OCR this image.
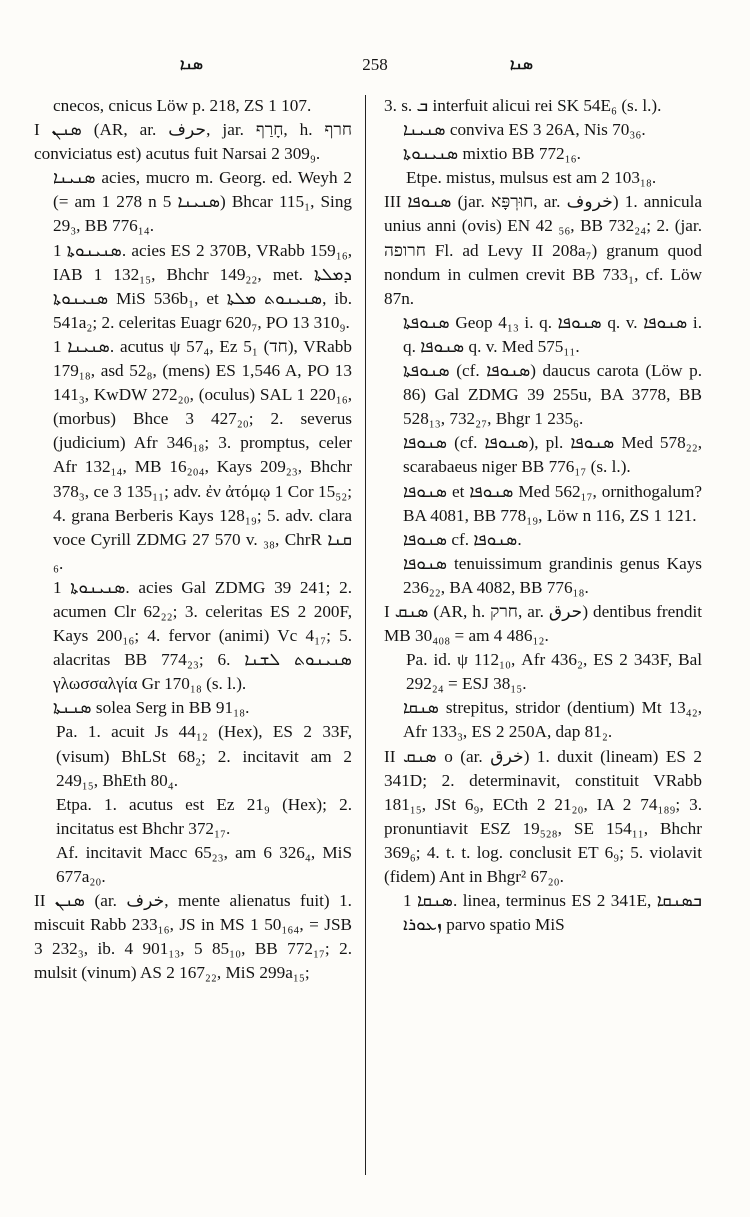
ܣܢܐ	258	ܣܢܐ

cnecos, cnicus Löw p. 218, ZS 1 107.

I ܣܢܢ (AR, ar. حرف, jar. חָרַף, h. חרף conviciatus est) acutus fuit Narsai 2 309₉.

ܣܢܝܢܐ acies, mucro m. Georg. ed. Weyh 2 (= am 1 278 n 5 ܣܢܝܢܐ) Bhcar 115₁, Sing 29₃, BB 776₁₄.

ܣܢܝܢܘܬܐ 1. acies ES 2 370B, VRabb 159₁₆, IAB 1 132₁₅, Bhchr 149₂₂, met. ܕܡܠܬܐ ܣܢܝܢܘܬܐ MiS 536b₁, et ܣܢܝܢܘܬ ܡܠܬܐ, ib. 541a₂; 2. celeritas Euagr 620₇, PO 13 310₉.

ܣܢܝܢܐ 1. acutus ψ 57₄, Ez 5₁ (חד), VRabb 179₁₈, asd 52₈, (mens) ES 1,546 A, PO 13 141₃, KwDW 272₂₀, (oculus) SAL 1 220₁₆, (morbus) Bhce 3 427₂₀; 2. severus (judicium) Afr 346₁₈; 3. promptus, celer Afr 132₁₄, MB 16₂₀₄, Kays 209₂₃, Bhchr 378₃, ce 3 135₁₁; adv. ἐν ἀτόμῳ 1 Cor 15₅₂; 4. grana Berberis Kays 128₁₉; 5. adv. clara voce Cyrill ZDMG 27 570 v. ₃₈, ChrR ܩܢܐ ₆.

ܣܢܝܢܘܬܐ 1. acies Gal ZDMG 39 241; 2. acumen Clr 62₂₂; 3. celeritas ES 2 200F, Kays 200₁₆; 4. fervor (animi) Vc 4₁₇; 5. alacritas BB 774₂₃; 6. ܣܢܝܢܘܬ ܠܫܢܐ γλωσσαλγία Gr 170₁₈ (s. l.).

ܣܢܢܬܐ solea Serg in BB 91₁₈.

Pa. 1. acuit Js 44₁₂ (Hex), ES 2 33F, (visum) BhLSt 68₂; 2. incitavit am 2 249₁₅, BhEth 80₄.

Etpa. 1. acutus est Ez 21₉ (Hex); 2. incitatus est Bhchr 372₁₇.

Af. incitavit Macc 65₂₃, am 6 326₄, MiS 677a₂₀.

II ܣܢܢ (ar. خرف, mente alienatus fuit) 1. miscuit Rabb 233₁₆, JS in MS 1 50₁₆₄, = JSB 3 232₃, ib. 4 901₁₃, 5 85₁₀, BB 772₁₇; 2. mulsit (vinum) AS 2 167₂₂, MiS 299a₁₅;

3. s. ܒ interfuit alicui rei SK 54E₆ (s. l.).

ܣܢܝܢܐ conviva ES 3 26A, Nis 70₃₆.

ܣܢܝܢܘܬܐ mixtio BB 772₁₆.

Etpe. mistus, mulsus est am 2 103₁₈.

III ܣܢܘܦܐ (jar. חוּרְפָּא, ar. خروف) 1. annicula unius anni (ovis) EN 42 ₅₆, BB 732₂₄; 2. (jar. חרופה Fl. ad Levy II 208a₇) granum quod nondum in culmen crevit BB 733₁, cf. Löw 87n.

ܣܢܘܦܬܐ Geop 4₁₃ i. q. ܣܢܘܦܐ q. v. ܣܢܘܦܐ i. q. ܣܢܘܦܐ q. v. Med 575₁₁.

ܣܢܘܦܬܐ (cf. ܣܢܘܦܐ) daucus carota (Löw p. 86) Gal ZDMG 39 255u, BA 3778, BB 528₁₃, 732₂₇, Bhgr 1 235₆.

ܣܢܘܦܐ (cf. ܣܢܘܦܐ), pl. ܣܢܘܦܐ Med 578₂₂, scarabaeus niger BB 776₁₇ (s. l.).

ܣܢܘܦܐ et ܣܢܘܦܐ Med 562₁₇, ornithogalum? BA 4081, BB 778₁₉, Löw n 116, ZS 1 121.

ܣܢܘܦܐ cf. ܣܢܘܦܐ.

ܣܢܘܦܐ tenuissimum grandinis genus Kays 236₂₂, BA 4082, BB 776₁₈.

I ܣܢܩ (AR, h. חרק, ar. حرق) dentibus frendit MB 30₄₀₈ = am 4 486₁₂.

Pa. id. ψ 112₁₀, Afr 436₂, ES 2 343F, Bal 292₂₄ = ESJ 38₁₅.

ܣܢܩܐ strepitus, stridor (dentium) Mt 13₄₂, Afr 133₃, ES 2 250A, dap 81₂.

II ܣܢܩ o (ar. خرق) 1. duxit (lineam) ES 2 341D; 2. determinavit, constituit VRabb 181₁₅, JSt 6₉, ECth 2 21₂₀, IA 2 74₁₈₉; 3. pronuntiavit ESZ 19₅₂₈, SE 154₁₁, Bhchr 369₆; 4. t. t. log. conclusit ET 6₉; 5. violavit (fidem) Ant in Bhgr² 67₂₀.

ܣܢܩܐ 1. linea, terminus ES 2 341E, ܒܣܢܩܐ ܙܥܘܪܐ parvo spatio MiS
